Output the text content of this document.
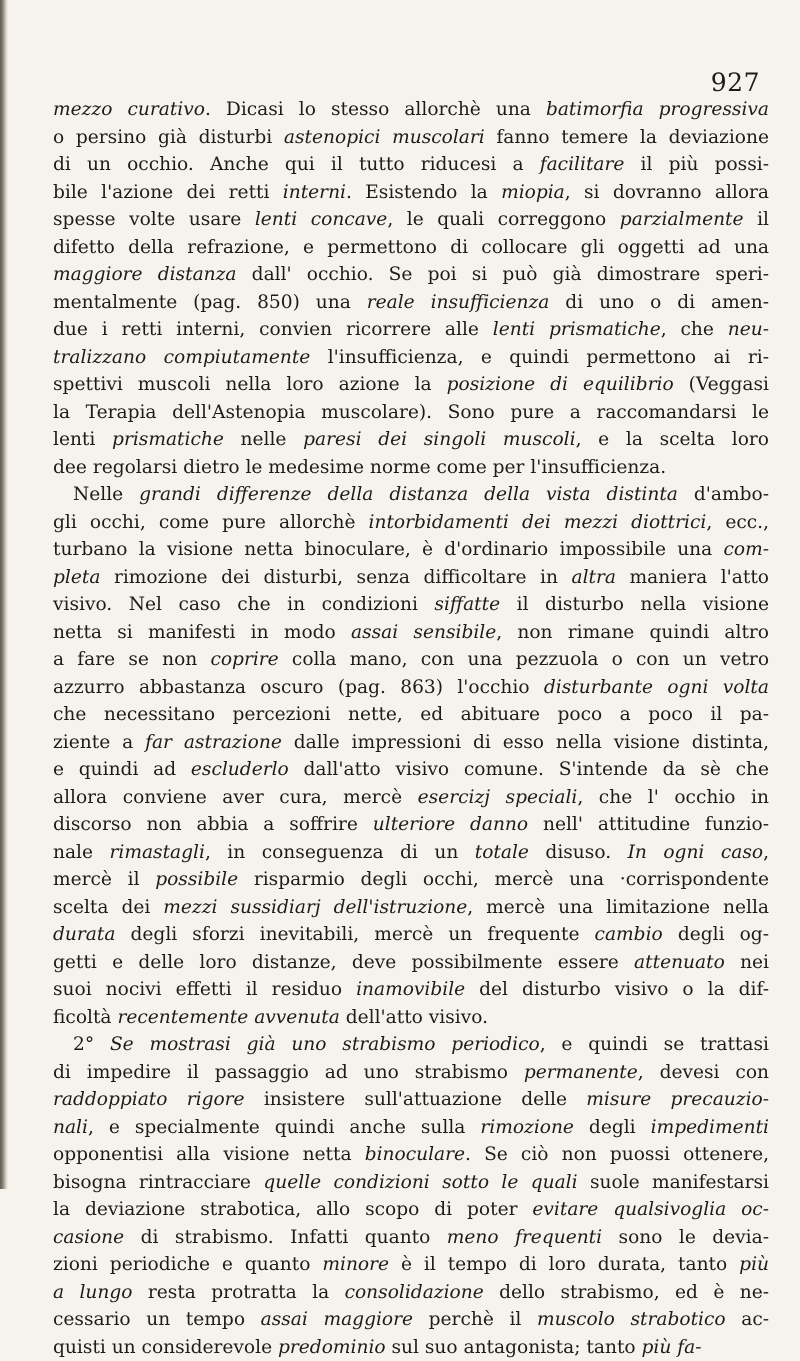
927
mezzo curativo. Dicasi lo stesso allorchè una batimorfia progressiva
o persino già disturbi astenopici muscolari fanno temere la deviazione
di un occhio. Anche qui il tutto riducesi a facilitare il più possi-
bile l'azione dei retti interni. Esistendo la miopia, si dovranno allora
spesse volte usare lenti concave, le quali correggono parzialmente il
difetto della refrazione, e permettono di collocare gli oggetti ad una
maggiore distanza dall' occhio. Se poi si può già dimostrare speri-
mentalmente (pag. 850) una reale insufficienza di uno o di amen-
due i retti interni, convien ricorrere alle lenti prismatiche, che neu-
tralizzano compiutamente l'insufficienza, e quindi permettono ai ri-
spettivi muscoli nella loro azione la posizione di equilibrio (Veggasi
la Terapia dell'Astenopia muscolare). Sono pure a raccomandarsi le
lenti prismatiche nelle paresi dei singoli muscoli, e la scelta loro
dee regolarsi dietro le medesime norme come per l'insufficienza.
Nelle grandi differenze della distanza della vista distinta d'ambo-
gli occhi, come pure allorchè intorbidamenti dei mezzi diottrici, ecc.,
turbano la visione netta binoculare, è d'ordinario impossibile una com-
pleta rimozione dei disturbi, senza difficoltare in altra maniera l'atto
visivo. Nel caso che in condizioni siffatte il disturbo nella visione
netta si manifesti in modo assai sensibile, non rimane quindi altro
a fare se non coprire colla mano, con una pezzuola o con un vetro
azzurro abbastanza oscuro (pag. 863) l'occhio disturbante ogni volta
che necessitano percezioni nette, ed abituare poco a poco il pa-
ziente a far astrazione dalle impressioni di esso nella visione distinta,
e quindi ad escluderlo dall'atto visivo comune. S'intende da sè che
allora conviene aver cura, mercè esercizj speciali, che l' occhio in
discorso non abbia a soffrire ulteriore danno nell' attitudine funzio-
nale rimastagli, in conseguenza di un totale disuso. In ogni caso,
mercè il possibile risparmio degli occhi, mercè una ·corrispondente
scelta dei mezzi sussidiarj dell'istruzione, mercè una limitazione nella
durata degli sforzi inevitabili, mercè un frequente cambio degli og-
getti e delle loro distanze, deve possibilmente essere attenuato nei
suoi nocivi effetti il residuo inamovibile del disturbo visivo o la dif-
ficoltà recentemente avvenuta dell'atto visivo.
2° Se mostrasi già uno strabismo periodico, e quindi se trattasi
di impedire il passaggio ad uno strabismo permanente, devesi con
raddoppiato rigore insistere sull'attuazione delle misure precauzio-
nali, e specialmente quindi anche sulla rimozione degli impedimenti
opponentisi alla visione netta binoculare. Se ciò non puossi ottenere,
bisogna rintracciare quelle condizioni sotto le quali suole manifestarsi
la deviazione strabotica, allo scopo di poter evitare qualsivoglia oc-
casione di strabismo. Infatti quanto meno frequenti sono le devia-
zioni periodiche e quanto minore è il tempo di loro durata, tanto più
a lungo resta protratta la consolidazione dello strabismo, ed è ne-
cessario un tempo assai maggiore perchè il muscolo strabotico ac-
quisti un considerevole predominio sul suo antagonista; tanto più fa-
